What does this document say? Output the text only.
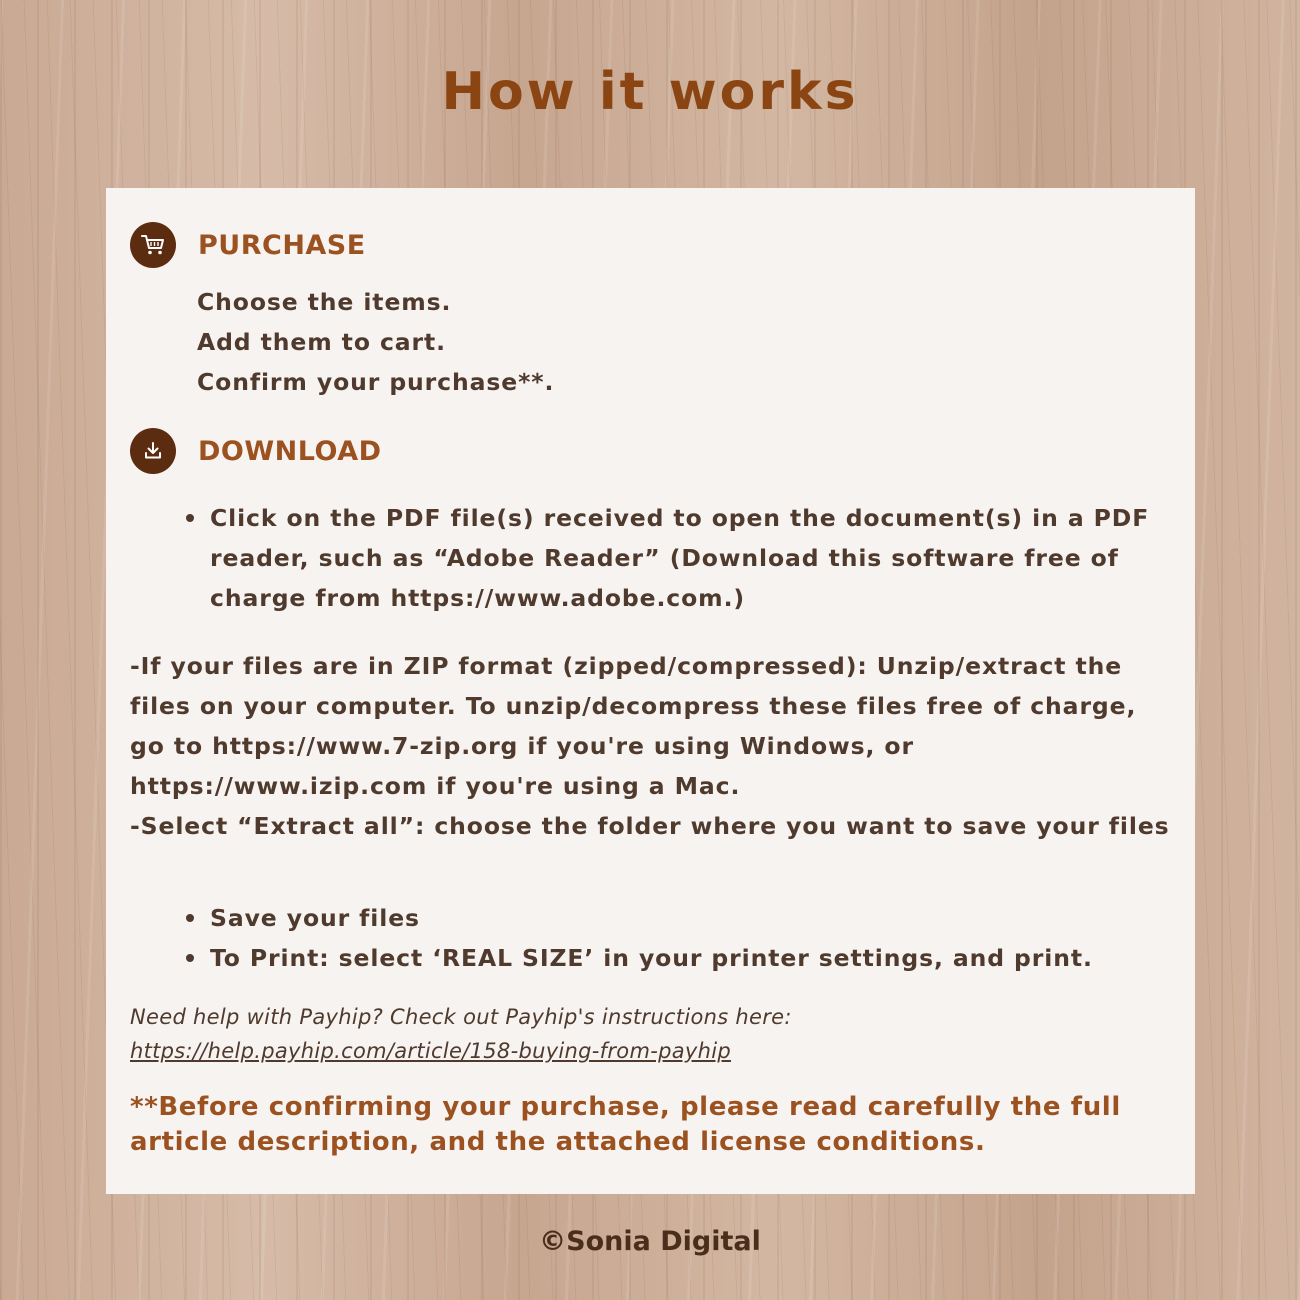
How it works
PURCHASE
Choose the items.
Add them to cart.
Confirm your purchase**.
DOWNLOAD
Click on the PDF file(s) received to open the document(s) in a PDF reader, such as “Adobe Reader” (Download this software free of charge from https://www.adobe.com.)
-If your files are in ZIP format (zipped/compressed): Unzip/extract the files on your computer. To unzip/decompress these files free of charge, go to https://www.7-zip.org if you're using Windows, or https://www.izip.com if you're using a Mac.
-Select “Extract all”: choose the folder where you want to save your files
Save your files
To Print: select ‘REAL SIZE’ in your printer settings, and print.
Need help with Payhip? Check out Payhip's instructions here:
https://help.payhip.com/article/158-buying-from-payhip
**Before confirming your purchase, please read carefully the full article description, and the attached license conditions.
©Sonia Digital
